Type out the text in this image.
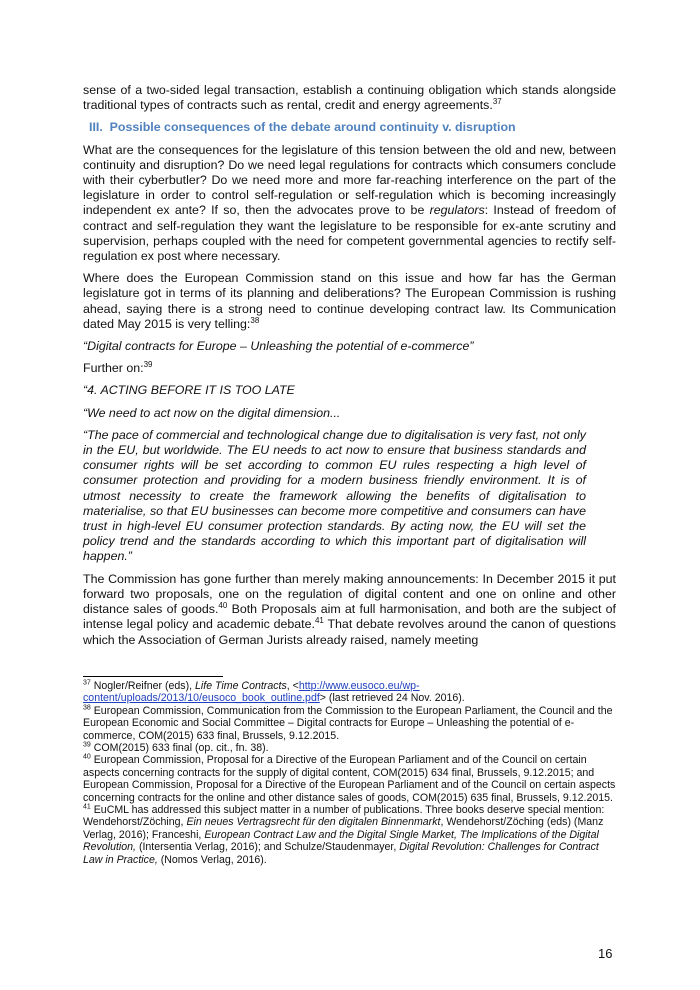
sense of a two-sided legal transaction, establish a continuing obligation which stands alongside traditional types of contracts such as rental, credit and energy agreements.$^{37}$

III.  Possible consequences of the debate around continuity v. disruption

What are the consequences for the legislature of this tension between the old and new, between continuity and disruption? Do we need legal regulations for contracts which consumers conclude with their cyberbutler? Do we need more and more far-reaching interference on the part of the legislature in order to control self-regulation or self-regulation which is becoming increasingly independent ex ante? If so, then the advocates prove to be regulators: Instead of freedom of contract and self-regulation they want the legislature to be responsible for ex-ante scrutiny and supervision, perhaps coupled with the need for competent governmental agencies to rectify self-regulation ex post where necessary.

Where does the European Commission stand on this issue and how far has the German legislature got in terms of its planning and deliberations? The European Commission is rushing ahead, saying there is a strong need to continue developing contract law. Its Communication dated May 2015 is very telling:$^{38}$

“Digital contracts for Europe – Unleashing the potential of e-commerce”

Further on:$^{39}$

“4. ACTING BEFORE IT IS TOO LATE

“We need to act now on the digital dimension...

“The pace of commercial and technological change due to digitalisation is very fast, not only in the EU, but worldwide. The EU needs to act now to ensure that business standards and consumer rights will be set according to common EU rules respecting a high level of consumer protection and providing for a modern business friendly environment. It is of utmost necessity to create the framework allowing the benefits of digitalisation to materialise, so that EU businesses can become more competitive and consumers can have trust in high-level EU consumer protection standards. By acting now, the EU will set the policy trend and the standards according to which this important part of digitalisation will happen.”

The Commission has gone further than merely making announcements: In December 2015 it put forward two proposals, one on the regulation of digital content and one on online and other distance sales of goods.$^{40}$ Both Proposals aim at full harmonisation, and both are the subject of intense legal policy and academic debate.$^{41}$ That debate revolves around the canon of questions which the Association of German Jurists already raised, namely meeting

$^{37}$ Nogler/Reifner (eds), Life Time Contracts, <http://www.eusoco.eu/wp-content/uploads/2013/10/eusoco_book_outline.pdf> (last retrieved 24 Nov. 2016).

$^{38}$ European Commission, Communication from the Commission to the European Parliament, the Council and the European Economic and Social Committee – Digital contracts for Europe – Unleashing the potential of e-commerce, COM(2015) 633 final, Brussels, 9.12.2015.

$^{39}$ COM(2015) 633 final (op. cit., fn. 38).

$^{40}$ European Commission, Proposal for a Directive of the European Parliament and of the Council on certain aspects concerning contracts for the supply of digital content, COM(2015) 634 final, Brussels, 9.12.2015; and European Commission, Proposal for a Directive of the European Parliament and of the Council on certain aspects concerning contracts for the online and other distance sales of goods, COM(2015) 635 final, Brussels, 9.12.2015.

$^{41}$ EuCML has addressed this subject matter in a number of publications. Three books deserve special mention: Wendehorst/Zöching, Ein neues Vertragsrecht für den digitalen Binnenmarkt, Wendehorst/Zöching (eds) (Manz Verlag, 2016); Franceshi, European Contract Law and the Digital Single Market, The Implications of the Digital Revolution, (Intersentia Verlag, 2016); and Schulze/Staudenmayer, Digital Revolution: Challenges for Contract Law in Practice, (Nomos Verlag, 2016).

16
